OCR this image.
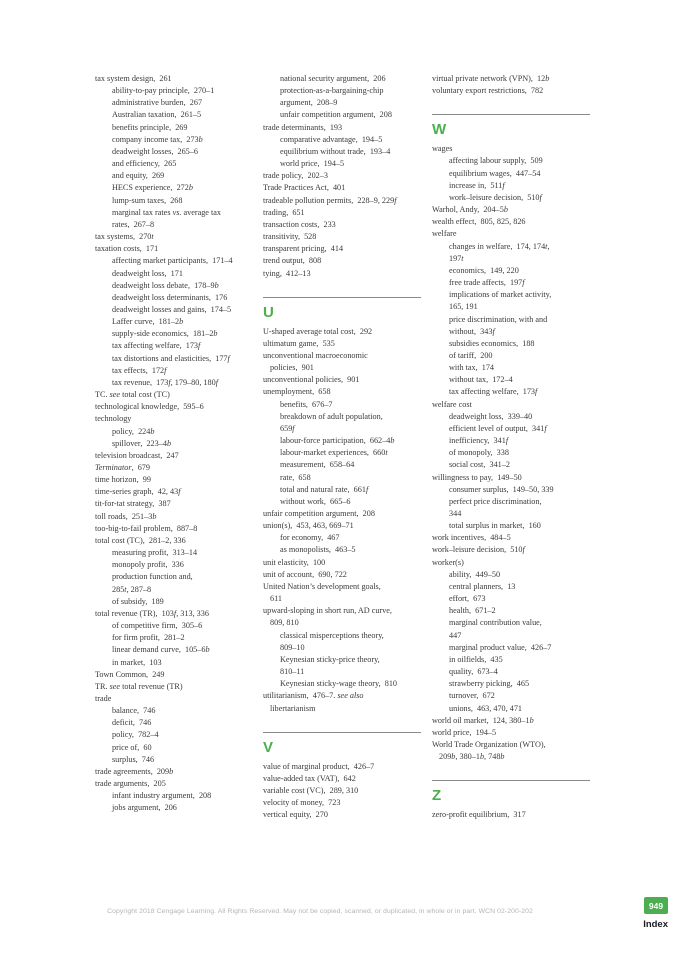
tax system design,  261
ability-to-pay principle,  270–1
administrative burden,  267
Australian taxation,  261–5
benefits principle,  269
company income tax,  273b
deadweight losses,  265–6
and efficiency,  265
and equity,  269
HECS experience,  272b
lump-sum taxes,  268
marginal tax rates vs. average tax
rates,  267–8
tax systems,  270t
taxation costs,  171
affecting market participants,  171–4
deadweight loss,  171
deadweight loss debate,  178–9b
deadweight loss determinants,  176
deadweight losses and gains,  174–5
Laffer curve,  181–2b
supply-side economics,  181–2b
tax affecting welfare,  173f
tax distortions and elasticities,  177f
tax effects,  172f
tax revenue,  173f, 179–80, 180f
TC. see total cost (TC)
technological knowledge,  595–6
technology
policy,  224b
spillover,  223–4b
television broadcast,  247
Terminator,  679
time horizon,  99
time-series graph,  42, 43f
tit-for-tat strategy,  387
toll roads,  251–3b
too-big-to-fail problem,  887–8
total cost (TC),  281–2, 336
measuring profit,  313–14
monopoly profit,  336
production function and,
285t, 287–8
of subsidy,  189
total revenue (TR),  103f, 313, 336
of competitive firm,  305–6
for firm profit,  281–2
linear demand curve,  105–6b
in market,  103
Town Common,  249
TR. see total revenue (TR)
trade
balance,  746
deficit,  746
policy,  782–4
price of,  60
surplus,  746
trade agreements,  209b
trade arguments,  205
infant industry argument,  208
jobs argument,  206
national security argument,  206
protection-as-a-bargaining-chip
argument,  208–9
unfair competition argument,  208
trade determinants,  193
comparative advantage,  194–5
equilibrium without trade,  193–4
world price,  194–5
trade policy,  202–3
Trade Practices Act,  401
tradeable pollution permits,  228–9, 229f
trading,  651
transaction costs,  233
transitivity,  528
transparent pricing,  414
trend output,  808
tying,  412–13
U
U-shaped average total cost,  292
ultimatum game,  535
unconventional macroeconomic
policies,  901
unconventional policies,  901
unemployment,  658
benefits,  676–7
breakdown of adult population,
659f
labour-force participation,  662–4b
labour-market experiences,  660t
measurement,  658–64
rate,  658
total and natural rate,  661f
without work,  665–6
unfair competition argument,  208
union(s),  453, 463, 669–71
for economy,  467
as monopolists,  463–5
unit elasticity,  100
unit of account,  690, 722
United Nation’s development goals,
611
upward-sloping in short run, AD curve,
809, 810
classical misperceptions theory,
809–10
Keynesian sticky-price theory,
810–11
Keynesian sticky-wage theory,  810
utilitarianism,  476–7. see also
libertarianism
V
value of marginal product,  426–7
value-added tax (VAT),  642
variable cost (VC),  289, 310
velocity of money,  723
vertical equity,  270
virtual private network (VPN),  12b
voluntary export restrictions,  782
W
wages
affecting labour supply,  509
equilibrium wages,  447–54
increase in,  511f
work–leisure decision,  510f
Warhol, Andy,  204–5b
wealth effect,  805, 825, 826
welfare
changes in welfare,  174, 174t,
197t
economics,  149, 220
free trade affects,  197f
implications of market activity,
165, 191
price discrimination, with and
without,  343f
subsidies economics,  188
of tariff,  200
with tax,  174
without tax,  172–4
tax affecting welfare,  173f
welfare cost
deadweight loss,  339–40
efficient level of output,  341f
inefficiency,  341f
of monopoly,  338
social cost,  341–2
willingness to pay,  149–50
consumer surplus,  149–50, 339
perfect price discrimination,
344
total surplus in market,  160
work incentives,  484–5
work–leisure decision,  510f
worker(s)
ability,  449–50
central planners,  13
effort,  673
health,  671–2
marginal contribution value,
447
marginal product value,  426–7
in oilfields,  435
quality,  673–4
strawberry picking,  465
turnover,  672
unions,  463, 470, 471
world oil market,  124, 380–1b
world price,  194–5
World Trade Organization (WTO),
209b, 380–1b, 748b
Z
zero-profit equilibrium,  317
Copyright 2018 Cengage Learning. All Rights Reserved. May not be copied, scanned, or duplicated, in whole or in part. WCN 02-200-202
949
Index
